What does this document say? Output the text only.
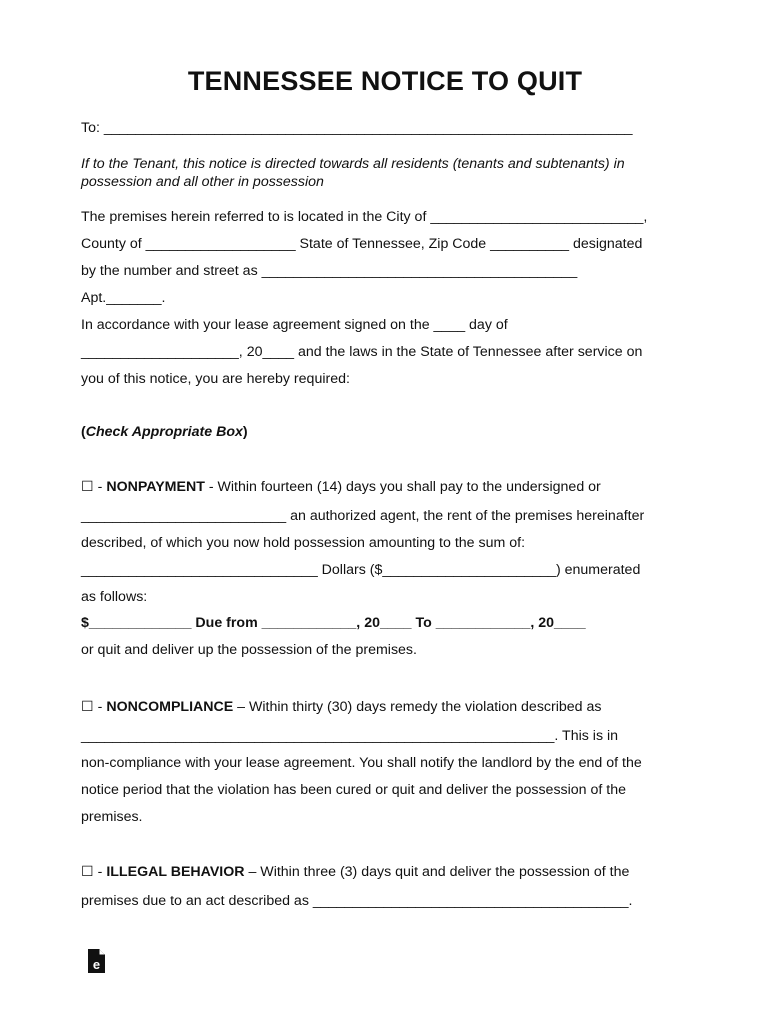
TENNESSEE NOTICE TO QUIT
To: ___________________________________________________________________
If to the Tenant, this notice is directed towards all residents (tenants and subtenants) in
possession and all other in possession
The premises herein referred to is located in the City of ___________________________,
County of ___________________ State of Tennessee, Zip Code __________ designated
by the number and street as ________________________________________
Apt._______.
In accordance with your lease agreement signed on the ____ day of
____________________, 20____ and the laws in the State of Tennessee after service on
you of this notice, you are hereby required:
(Check Appropriate Box)
☐ - NONPAYMENT - Within fourteen (14) days you shall pay to the undersigned or
__________________________ an authorized agent, the rent of the premises hereinafter
described, of which you now hold possession amounting to the sum of:
______________________________ Dollars ($______________________) enumerated
as follows:
$_____________ Due from ____________, 20____ To ____________, 20____
or quit and deliver up the possession of the premises.
☐ - NONCOMPLIANCE – Within thirty (30) days remedy the violation described as
____________________________________________________________. This is in
non-compliance with your lease agreement. You shall notify the landlord by the end of the
notice period that the violation has been cured or quit and deliver the possession of the
premises.
☐ - ILLEGAL BEHAVIOR – Within three (3) days quit and deliver the possession of the
premises due to an act described as ________________________________________.
e
